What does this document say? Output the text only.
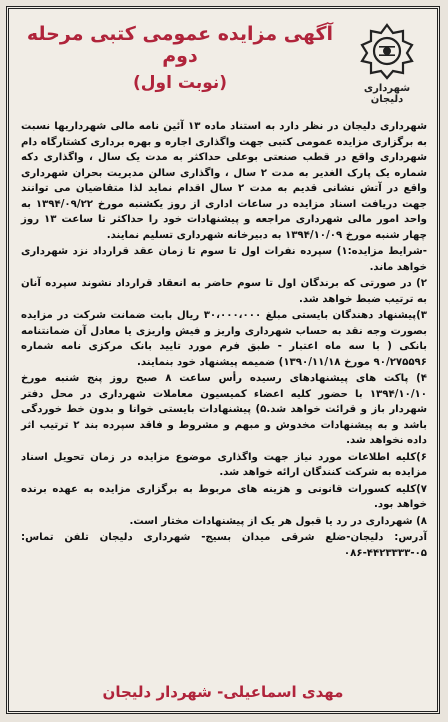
شهرداری دلیجان
آگهی مزایده عمومی کتبی مرحله دوم
(نوبت اول)

شهرداری دلیجان در نظر دارد به استناد ماده ۱۳ آئین نامه مالی شهرداریها نسبت به برگزاری مزایده عمومی کتبی جهت واگذاری اجاره و بهره برداری کشتارگاه دام شهرداری واقع در قطب صنعتی بوعلی حداکثر به مدت یک سال ، واگذاری دکه شماره یک پارک الغدیر به مدت ۲ سال ، واگذاری سالن مدیریت بحران شهرداری واقع در آتش نشانی قدیم به مدت ۲ سال اقدام نماید لذا متقاضیان می توانند جهت دریافت اسناد مزایده در ساعات اداری از روز یکشنبه مورخ ۱۳۹۴/۰۹/۲۲ به واحد امور مالی شهرداری مراجعه و پیشنهادات خود را حداکثر تا ساعت ۱۳ روز چهار شنبه مورخ ۱۳۹۴/۱۰/۰۹ به دبیرخانه شهرداری تسلیم نمایند.

-شرایط مزایده:۱) سپرده نفرات اول تا سوم تا زمان عقد قرارداد نزد شهرداری خواهد ماند.

۲) در صورتی که برندگان اول تا سوم حاضر به انعقاد قرارداد نشوند سپرده آنان به ترتیب ضبط خواهد شد.

۳)پیشنهاد دهندگان بایستی مبلغ ۳۰،۰۰۰،۰۰۰ ریال بابت ضمانت شرکت در مزایده بصورت وجه نقد به حساب شهرداری واریز و فیش واریزی یا معادل آن ضمانتنامه بانکی ( با سه ماه اعتبار - طبق فرم مورد تایید بانک مرکزی نامه شماره ۹۰/۲۷۵۵۹۶ مورخ ۱۳۹۰/۱۱/۱۸) ضمیمه پیشنهاد خود بنمایند.

۴) پاکت های پیشنهادهای رسیده رأس ساعت ۸ صبح روز پنج شنبه مورخ ۱۳۹۴/۱۰/۱۰ با حضور کلیه اعضاء کمیسیون معاملات شهرداری در محل دفتر شهردار باز و قرائت خواهد شد.۵) پیشنهادات بایستی خوانا و بدون خط خوردگی باشد و به پیشنهادات مخدوش و مبهم و مشروط و فاقد سپرده بند ۲ ترتیب اثر داده نخواهد شد.

۶)کلیه اطلاعات مورد نیاز جهت واگذاری موضوع مزایده در زمان تحویل اسناد مزایده به شرکت کنندگان ارائه خواهد شد.

۷)کلیه کسورات قانونی و هزینه های مربوط به برگزاری مزایده به عهده برنده خواهد بود.

۸) شهرداری در رد یا قبول هر یک از پیشنهادات مختار است.

آدرس: دلیجان-ضلع شرقی میدان بسیج- شهرداری دلیجان تلفن تماس: ۰۵-۴۴۲۳۳۳۳-۰۸۶

مهدی اسماعیلی- شهردار دلیجان
